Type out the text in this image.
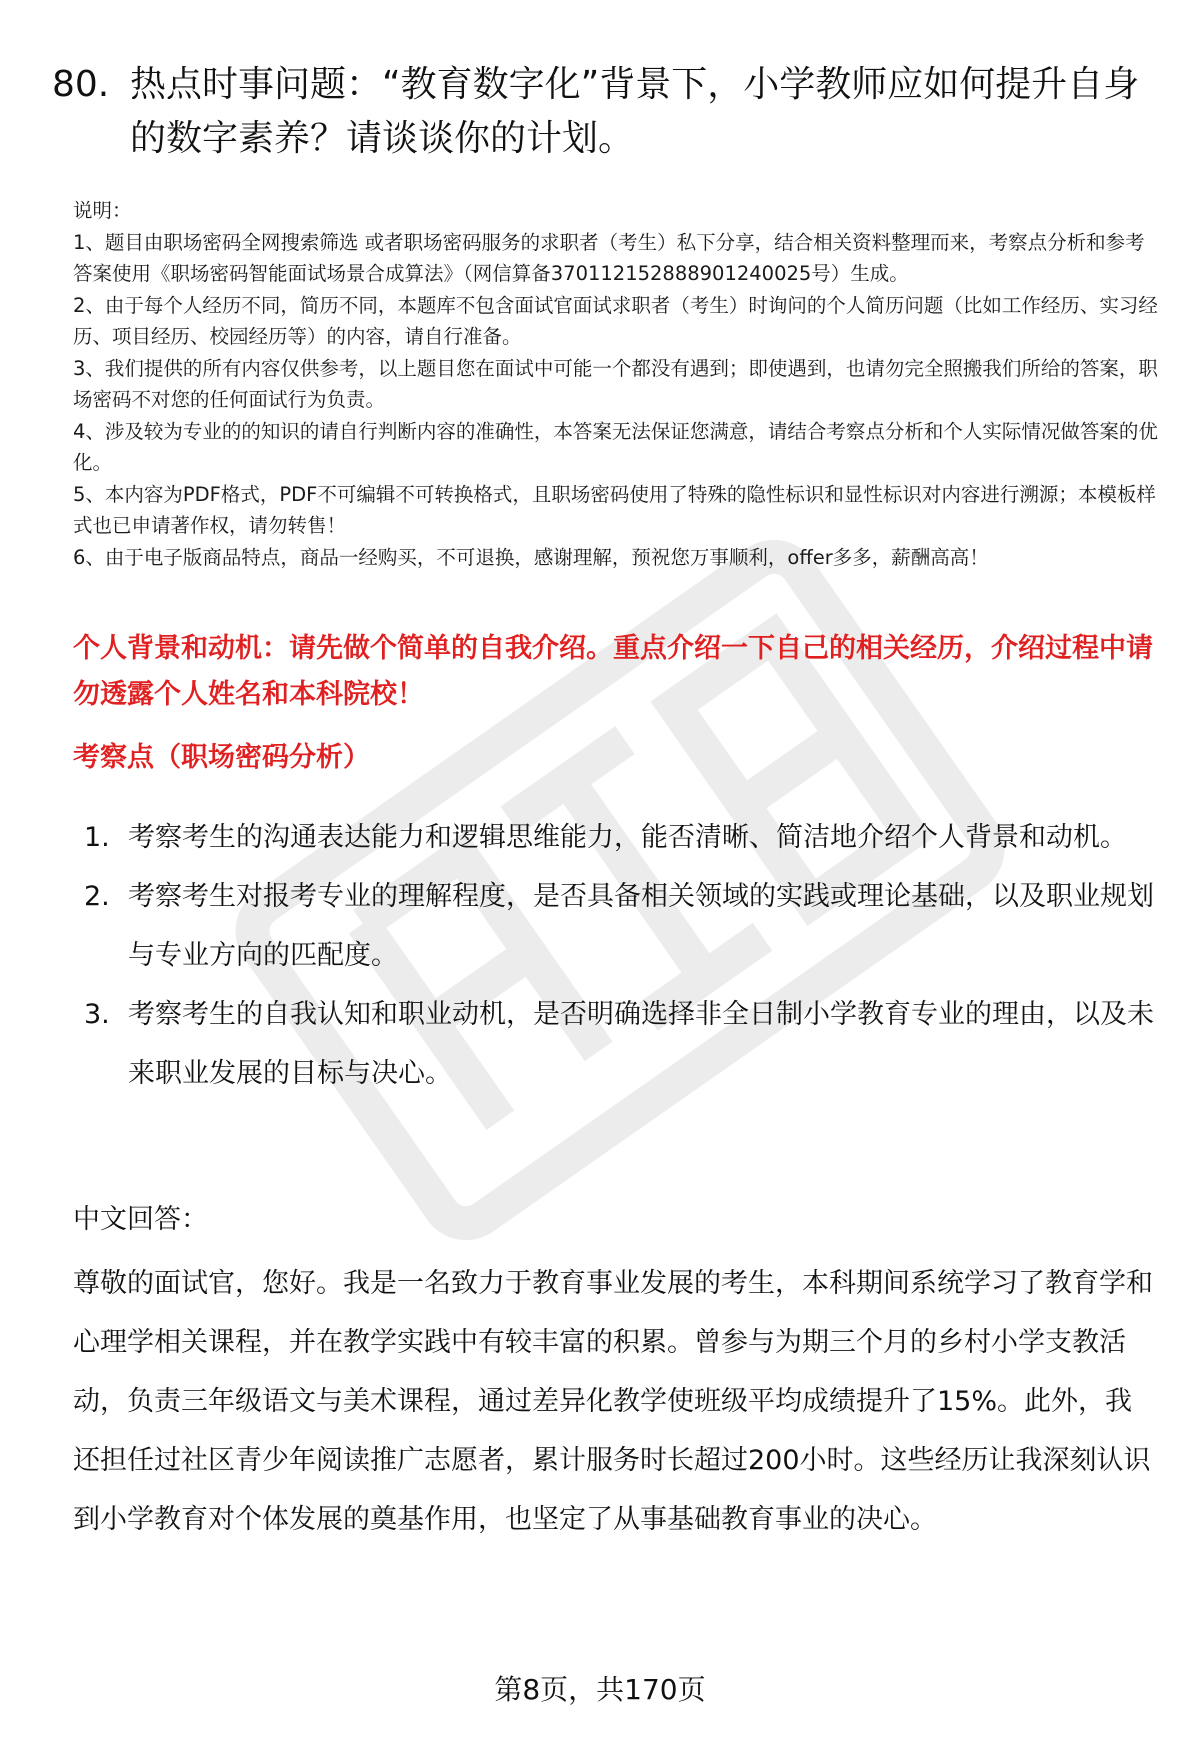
80. 热点时事问题：“教育数字化”背景下，小学教师应如何提升自身的数字素养？请谈谈你的计划。

说明：

1、题目由职场密码全网搜索筛选 或者职场密码服务的求职者（考生）私下分享，结合相关资料整理而来，考察点分析和参考答案使用《职场密码智能面试场景合成算法》（网信算备370112152888901240025号）生成。

2、由于每个人经历不同，简历不同，本题库不包含面试官面试求职者（考生）时询问的个人简历问题（比如工作经历、实习经历、项目经历、校园经历等）的内容，请自行准备。

3、我们提供的所有内容仅供参考，以上题目您在面试中可能一个都没有遇到；即使遇到，也请勿完全照搬我们所给的答案，职场密码不对您的任何面试行为负责。

4、涉及较为专业的的知识的请自行判断内容的准确性，本答案无法保证您满意，请结合考察点分析和个人实际情况做答案的优化。

5、本内容为PDF格式，PDF不可编辑不可转换格式，且职场密码使用了特殊的隐性标识和显性标识对内容进行溯源；本模板样式也已申请著作权，请勿转售！

6、由于电子版商品特点，商品一经购买，不可退换，感谢理解，预祝您万事顺利，offer多多，薪酬高高！

个人背景和动机：请先做个简单的自我介绍。重点介绍一下自己的相关经历，介绍过程中请勿透露个人姓名和本科院校！
考察点（职场密码分析）
1. 考察考生的沟通表达能力和逻辑思维能力，能否清晰、简洁地介绍个人背景和动机。
2. 考察考生对报考专业的理解程度，是否具备相关领域的实践或理论基础，以及职业规划与专业方向的匹配度。
3. 考察考生的自我认知和职业动机，是否明确选择非全日制小学教育专业的理由，以及未来职业发展的目标与决心。
中文回答：

尊敬的面试官，您好。我是一名致力于教育事业发展的考生，本科期间系统学习了教育学和心理学相关课程，并在教学实践中有较丰富的积累。曾参与为期三个月的乡村小学支教活动，负责三年级语文与美术课程，通过差异化教学使班级平均成绩提升了15%。此外，我还担任过社区青少年阅读推广志愿者，累计服务时长超过200小时。这些经历让我深刻认识到小学教育对个体发展的奠基作用，也坚定了从事基础教育事业的决心。

第8页，共170页
